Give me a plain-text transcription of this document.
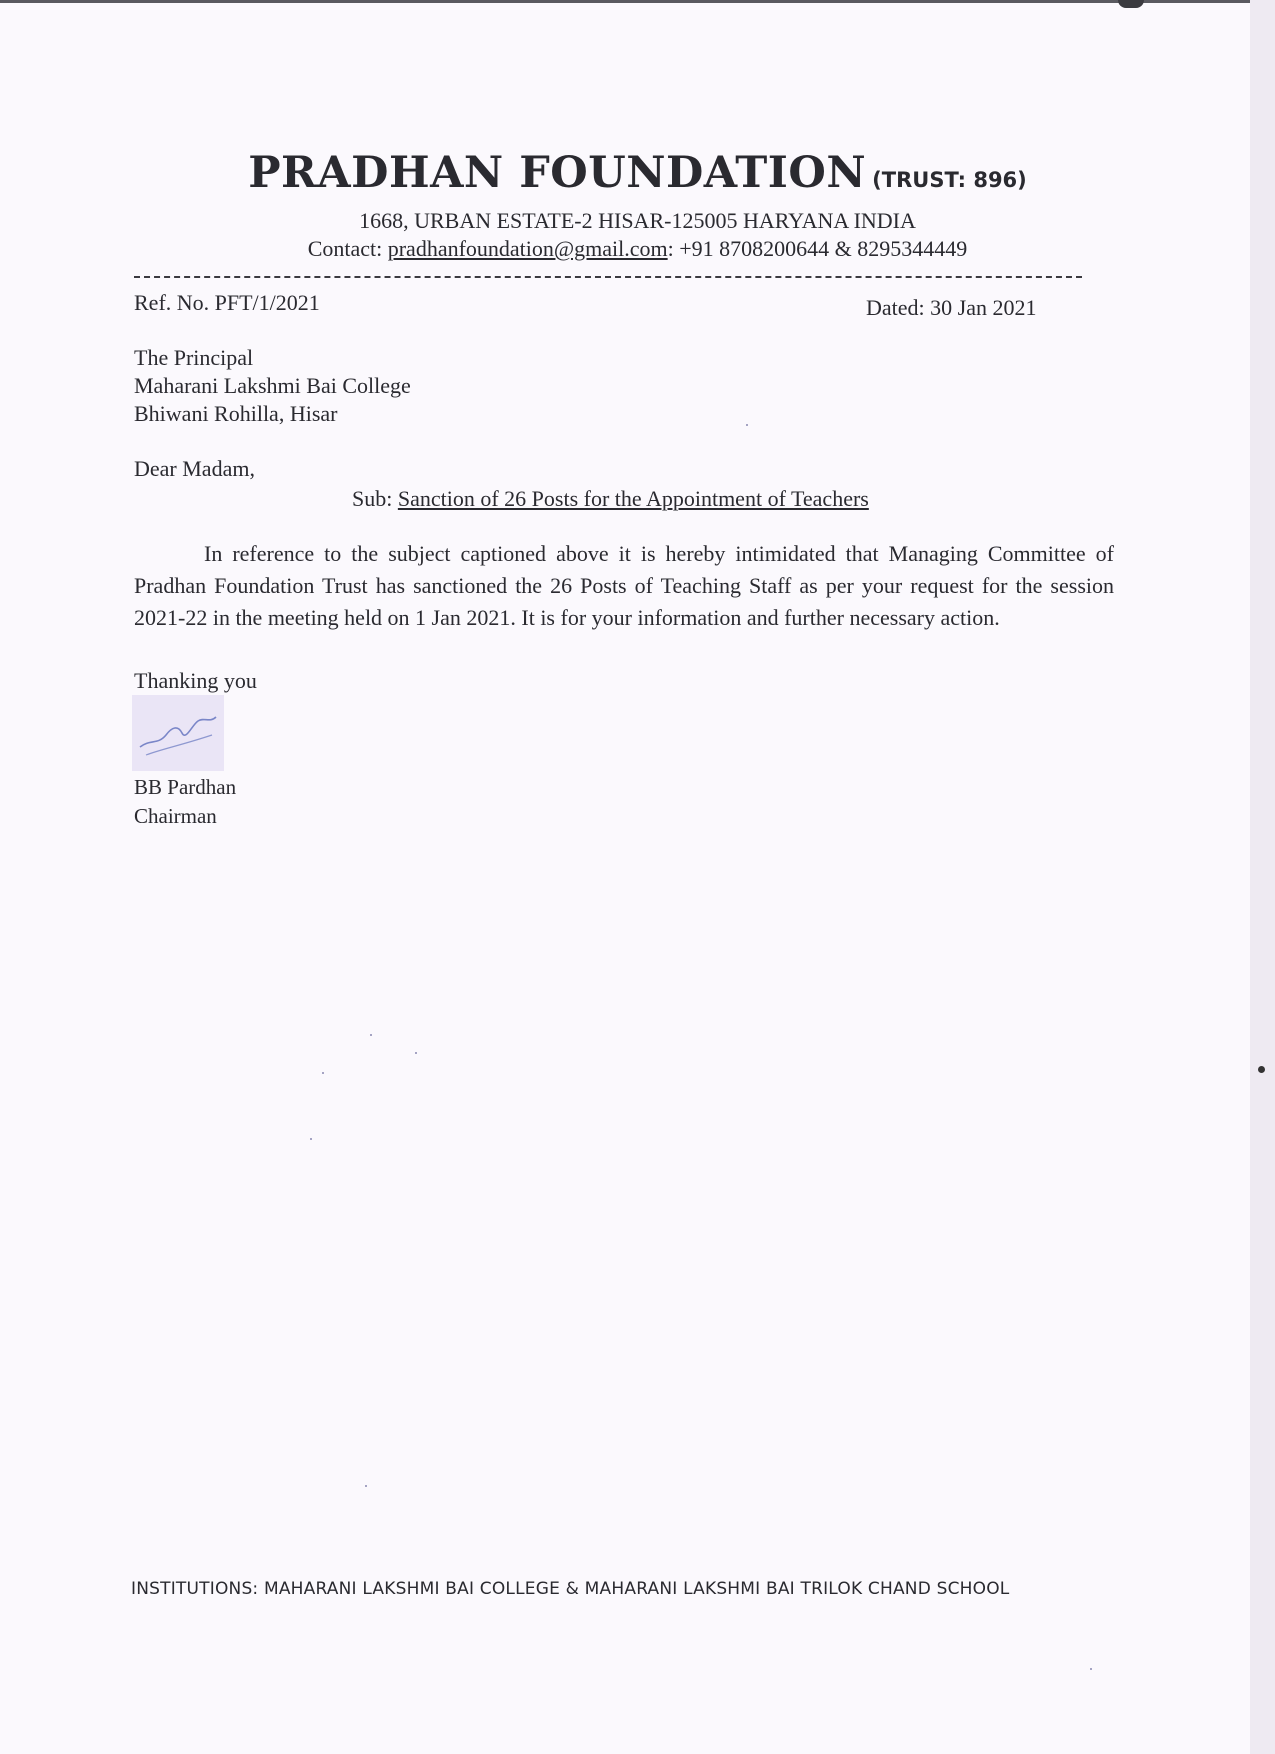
PRADHAN FOUNDATION (TRUST: 896)
1668, URBAN ESTATE-2 HISAR-125005 HARYANA INDIA
Contact: pradhanfoundation@gmail.com: +91 8708200644 & 8295344449
Ref. No. PFT/1/2021	Dated: 30 Jan 2021
The Principal
Maharani Lakshmi Bai College
Bhiwani Rohilla, Hisar
Dear Madam,
Sub: Sanction of 26 Posts for the Appointment of Teachers
In reference to the subject captioned above it is hereby intimidated that Managing Committee of Pradhan Foundation Trust has sanctioned the 26 Posts of Teaching Staff as per your request for the session 2021-22 in the meeting held on 1 Jan 2021. It is for your information and further necessary action.
Thanking you
BB Pardhan
Chairman
INSTITUTIONS: MAHARANI LAKSHMI BAI COLLEGE & MAHARANI LAKSHMI BAI TRILOK CHAND SCHOOL
